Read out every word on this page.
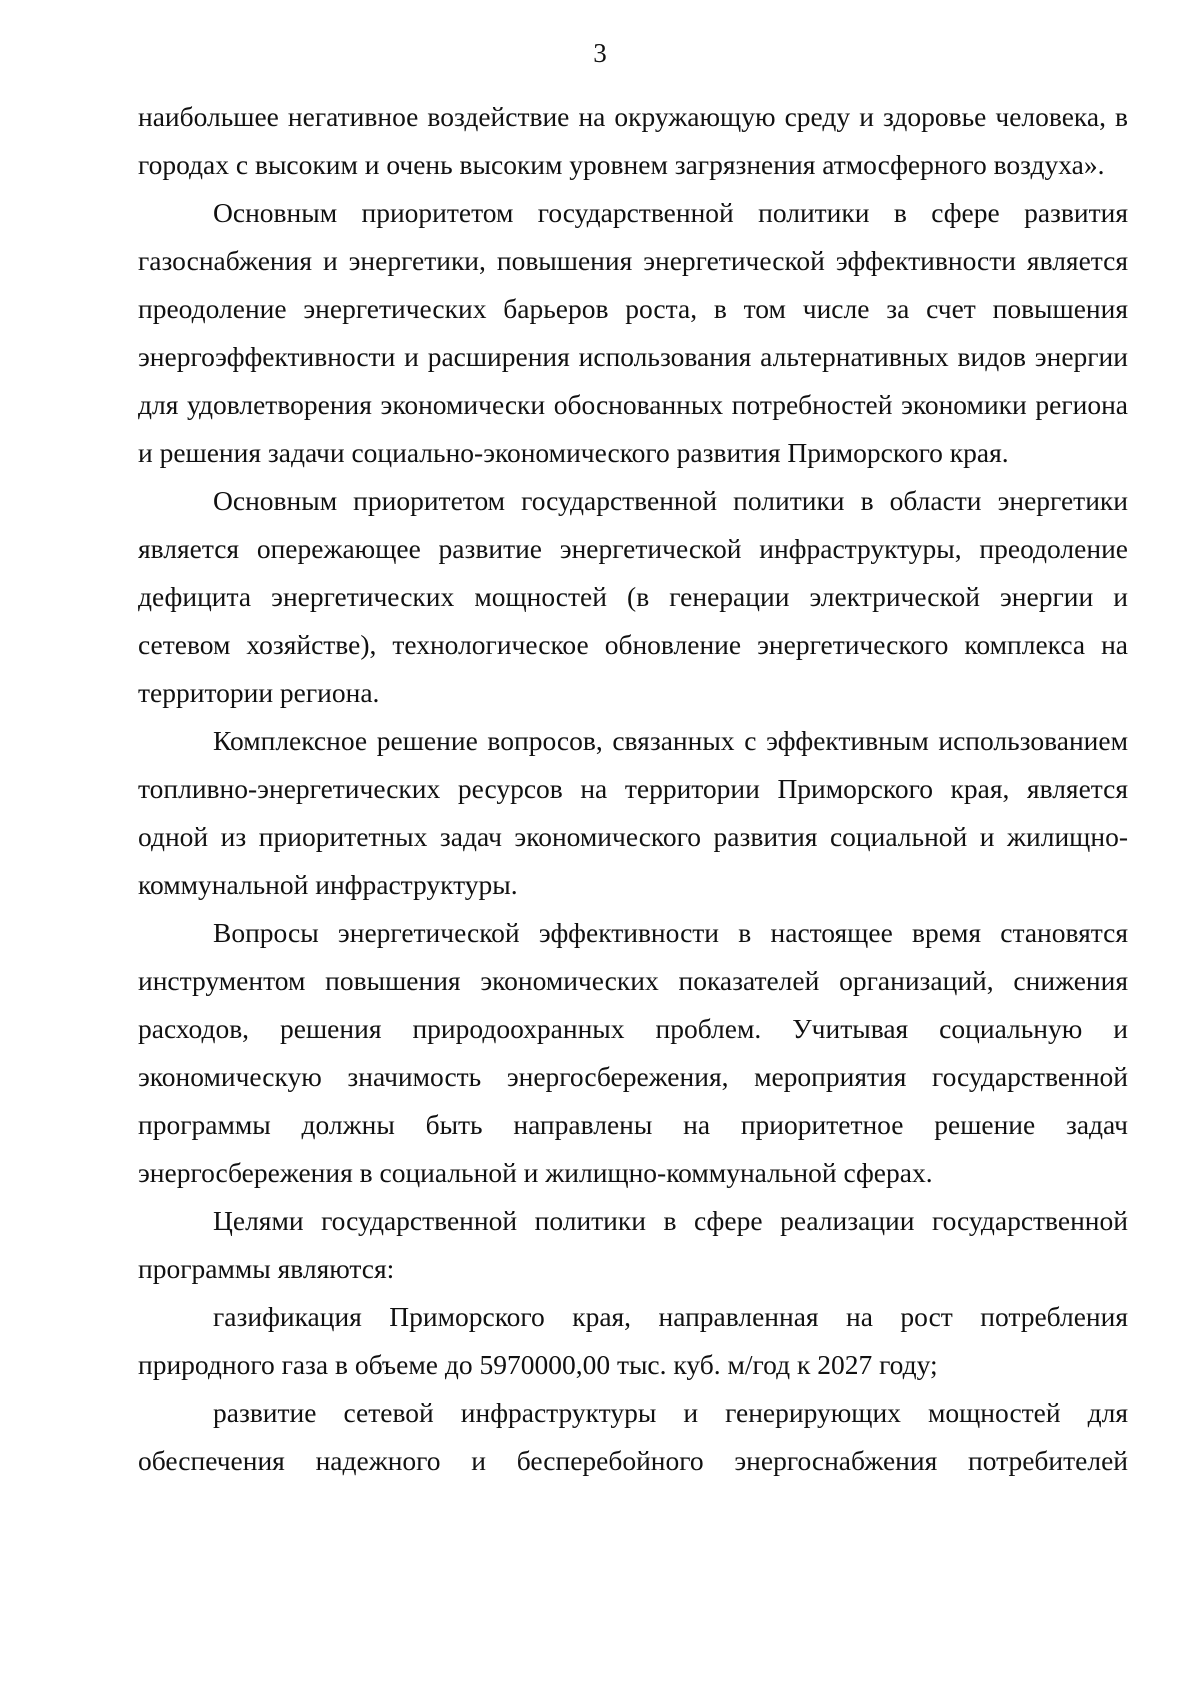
3

наибольшее негативное воздействие на окружающую среду и здоровье человека, в городах с высоким и очень высоким уровнем загрязнения атмосферного воздуха».

Основным приоритетом государственной политики в сфере развития газоснабжения и энергетики, повышения энергетической эффективности является преодоление энергетических барьеров роста, в том числе за счет повышения энергоэффективности и расширения использования альтернативных видов энергии для удовлетворения экономически обоснованных потребностей экономики региона и решения задачи социально-экономического развития Приморского края.

Основным приоритетом государственной политики в области энергетики является опережающее развитие энергетической инфраструктуры, преодоление дефицита энергетических мощностей (в генерации электрической энергии и сетевом хозяйстве), технологическое обновление энергетического комплекса на территории региона.

Комплексное решение вопросов, связанных с эффективным использованием топливно-энергетических ресурсов на территории Приморского края, является одной из приоритетных задач экономического развития социальной и жилищно-коммунальной инфраструктуры.

Вопросы энергетической эффективности в настоящее время становятся инструментом повышения экономических показателей организаций, снижения расходов, решения природоохранных проблем. Учитывая социальную и экономическую значимость энергосбережения, мероприятия государственной программы должны быть направлены на приоритетное решение задач энергосбережения в социальной и жилищно-коммунальной сферах.

Целями государственной политики в сфере реализации государственной программы являются:

газификация Приморского края, направленная на рост потребления природного газа в объеме до 5970000,00 тыс. куб. м/год к 2027 году;

развитие сетевой инфраструктуры и генерирующих мощностей для обеспечения надежного и бесперебойного энергоснабжения потребителей
